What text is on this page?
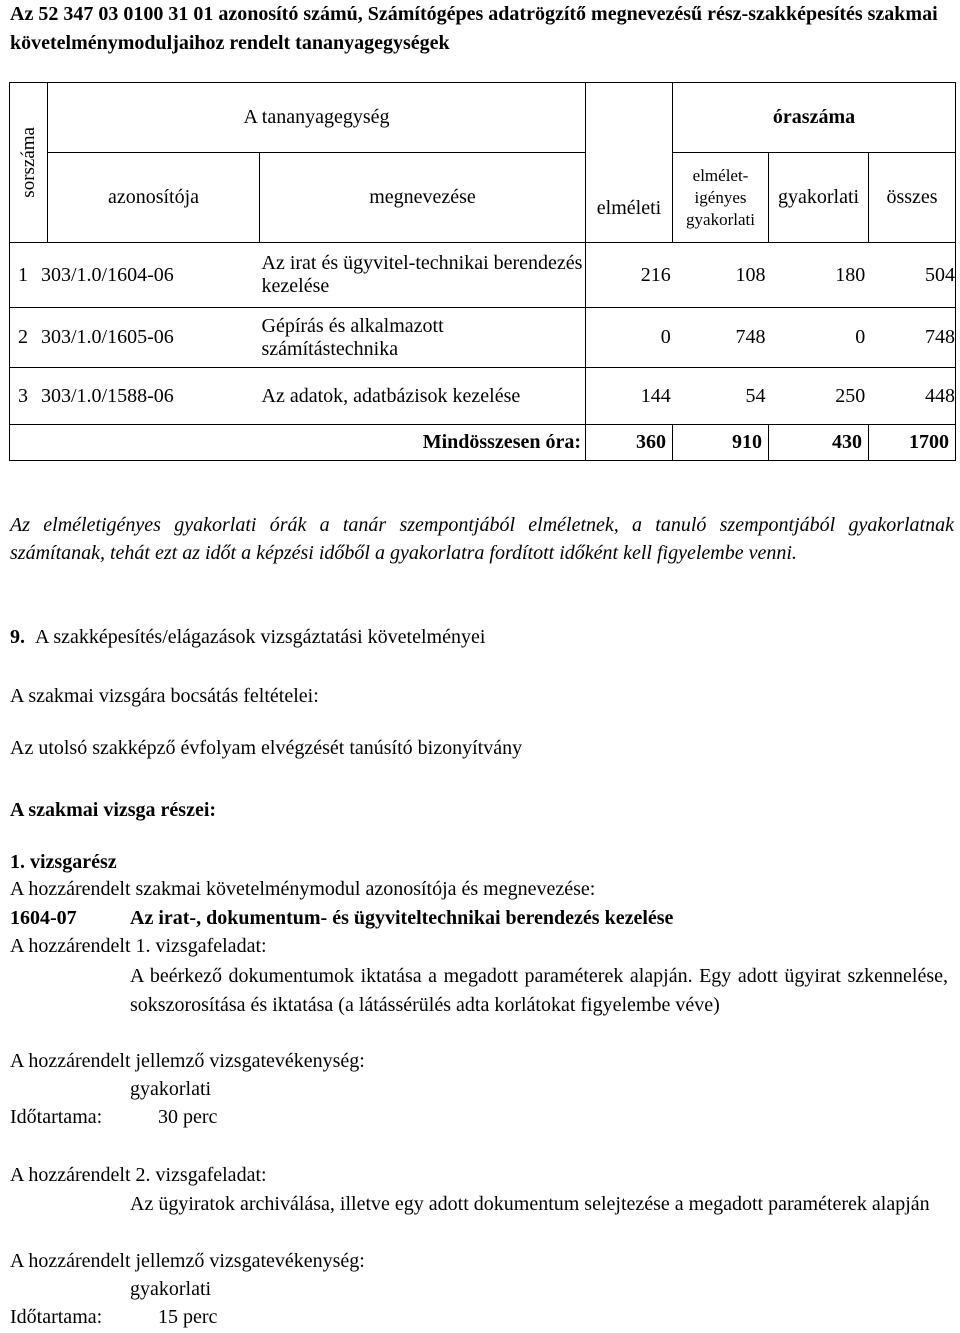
Az 52 347 03 0100 31 01 azonosító számú, Számítógépes adatrögzítő megnevezésű rész-szakképesítés szakmai követelménymoduljaihoz rendelt tananyagegységek
sorszáma	A tananyagegység		elméleti	óraszáma		
	azonosítója	megnevezése		elmélet-igényes gyakorlati	gyakorlati	összes
1 303/1.0/1604-06		Az irat és ügyvitel-technikai berendezés kezelése	216 108 180 504			

2 303/1.0/1605-06		Gépírás és alkalmazott számítástechnika	0 748 0 748			

3 303/1.0/1588-06		Az adatok, adatbázisok kezelése	144 54 250 448			

Mindösszesen óra:			360	910	430	1700
Az elméletigényes gyakorlati órák a tanár szempontjából elméletnek, a tanuló szempontjából gyakorlatnak számítanak, tehát ezt az időt a képzési időből a gyakorlatra fordított időként kell figyelembe venni.
9. A szakképesítés/elágazások vizsgáztatási követelményei
A szakmai vizsgára bocsátás feltételei:
Az utolsó szakképző évfolyam elvégzését tanúsító bizonyítvány
A szakmai vizsga részei:
1. vizsgarész
A hozzárendelt szakmai követelménymodul azonosítója és megnevezése:
1604-07	Az irat-, dokumentum- és ügyviteltechnikai berendezés kezelése
A hozzárendelt 1. vizsgafeladat:
A beérkező dokumentumok iktatása a megadott paraméterek alapján. Egy adott ügyirat szkennelése, sokszorosítása és iktatása (a látássérülés adta korlátokat figyelembe véve)
A hozzárendelt jellemző vizsgatevékenység:
gyakorlati
Időtartama:	30 perc
A hozzárendelt 2. vizsgafeladat:
Az ügyiratok archiválása, illetve egy adott dokumentum selejtezése a megadott paraméterek alapján
A hozzárendelt jellemző vizsgatevékenység:
gyakorlati
Időtartama:	15 perc
